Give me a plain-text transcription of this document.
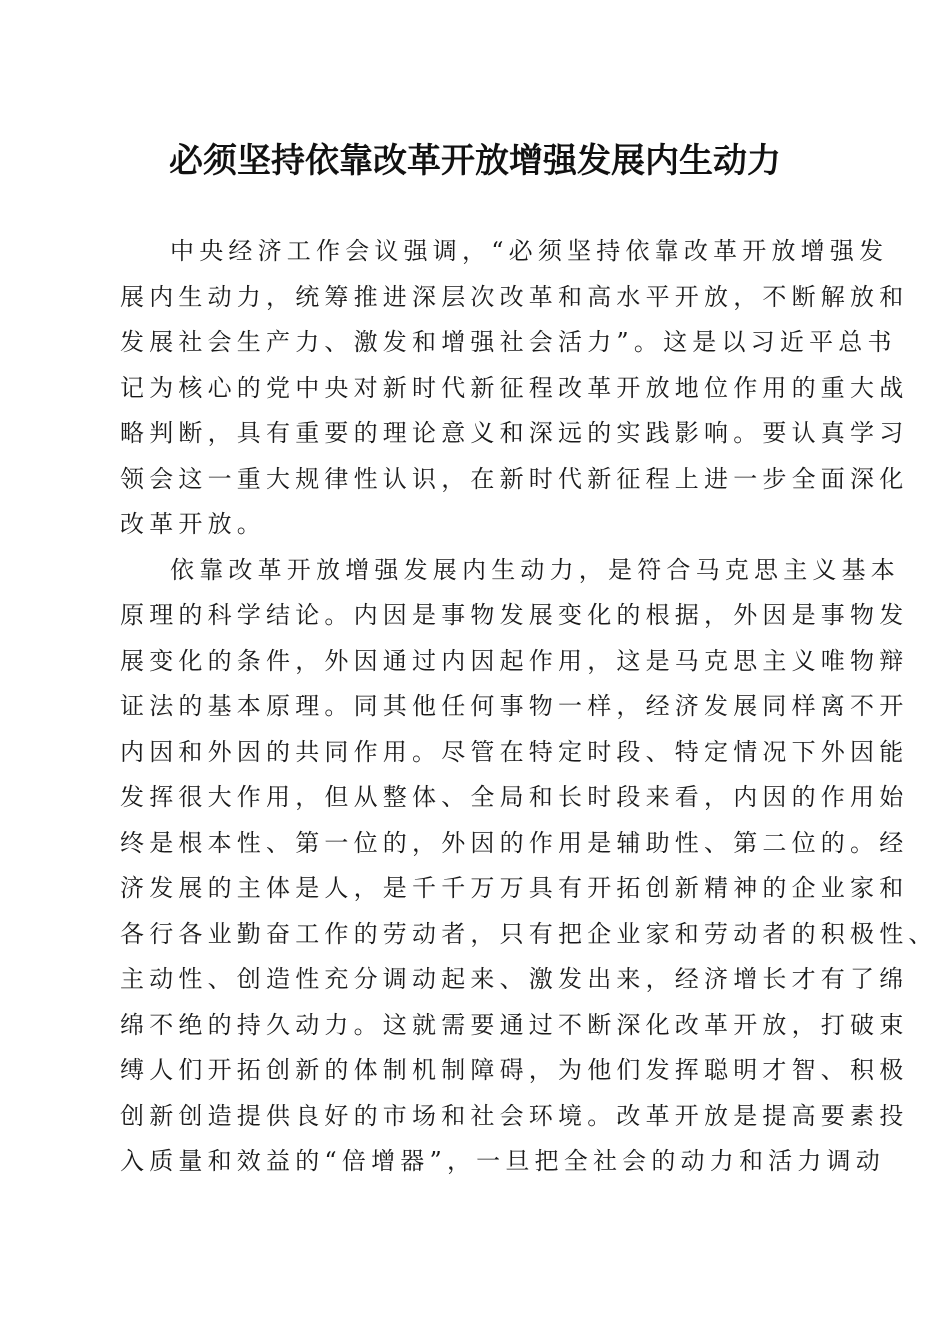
必须坚持依靠改革开放增强发展内生动力

中央经济工作会议强调，“必须坚持依靠改革开放增强发
展内生动力，统筹推进深层次改革和高水平开放，不断解放和
发展社会生产力、激发和增强社会活力”。这是以习近平总书
记为核心的党中央对新时代新征程改革开放地位作用的重大战
略判断，具有重要的理论意义和深远的实践影响。要认真学习
领会这一重大规律性认识，在新时代新征程上进一步全面深化
改革开放。

依靠改革开放增强发展内生动力，是符合马克思主义基本
原理的科学结论。内因是事物发展变化的根据，外因是事物发
展变化的条件，外因通过内因起作用，这是马克思主义唯物辩
证法的基本原理。同其他任何事物一样，经济发展同样离不开
内因和外因的共同作用。尽管在特定时段、特定情况下外因能
发挥很大作用，但从整体、全局和长时段来看，内因的作用始
终是根本性、第一位的，外因的作用是辅助性、第二位的。经
济发展的主体是人，是千千万万具有开拓创新精神的企业家和
各行各业勤奋工作的劳动者，只有把企业家和劳动者的积极性、
主动性、创造性充分调动起来、激发出来，经济增长才有了绵
绵不绝的持久动力。这就需要通过不断深化改革开放，打破束
缚人们开拓创新的体制机制障碍，为他们发挥聪明才智、积极
创新创造提供良好的市场和社会环境。改革开放是提高要素投
入质量和效益的“倍增器”，一旦把全社会的动力和活力调动
